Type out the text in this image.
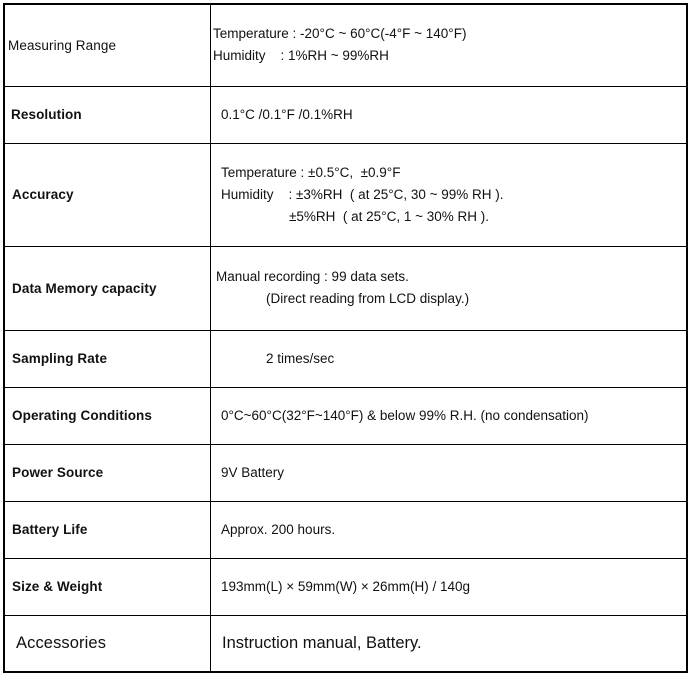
Measuring Range	Temperature : -20°C ~ 60°C(-4°F ~ 140°F)
Humidity    : 1%RH ~ 99%RH

Resolution	0.1°C /0.1°F /0.1%RH

Accuracy	Temperature : ±0.5°C,  ±0.9°F
Humidity    : ±3%RH  ( at 25°C, 30 ~ 99% RH ).
±5%RH  ( at 25°C, 1 ~ 30% RH ).

Data Memory capacity	Manual recording : 99 data sets.
(Direct reading from LCD display.)

Sampling Rate	2 times/sec

Operating Conditions	0°C~60°C(32°F~140°F) & below 99% R.H. (no condensation)

Power Source	9V Battery

Battery Life	Approx. 200 hours.

Size & Weight	193mm(L) × 59mm(W) × 26mm(H) / 140g

Accessories	Instruction manual, Battery.
